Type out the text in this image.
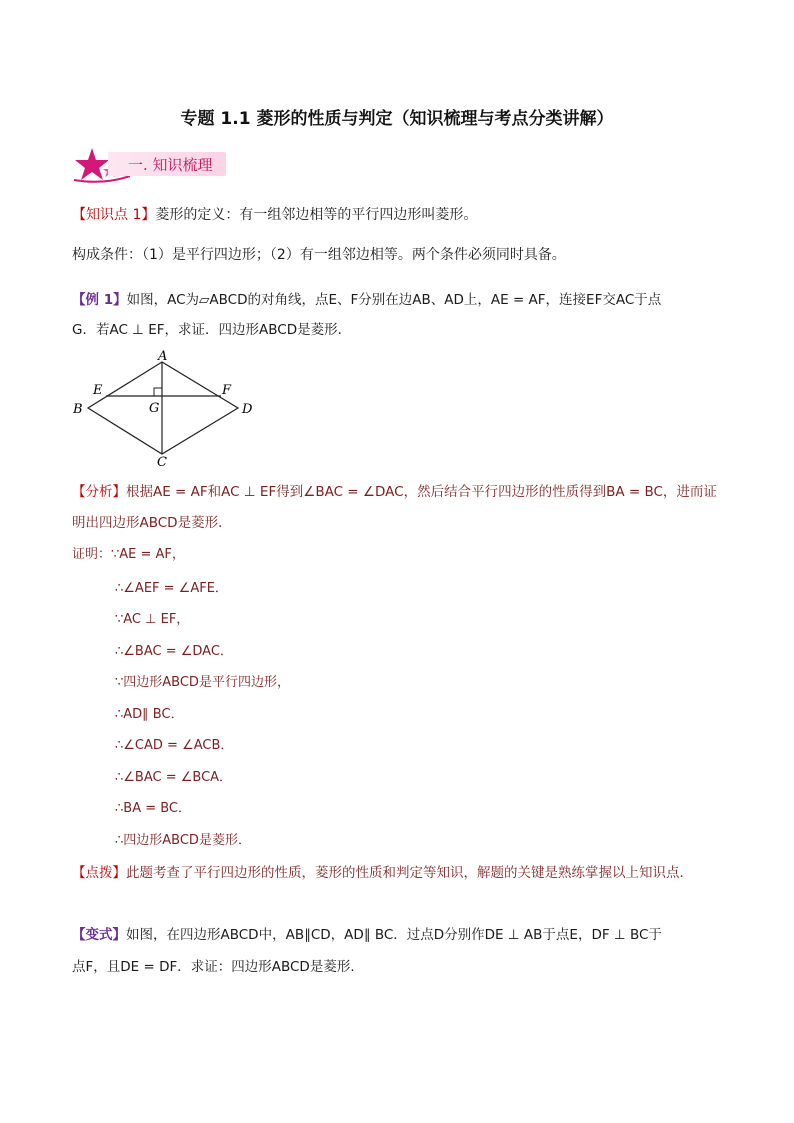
专题 1.1 菱形的性质与判定（知识梳理与考点分类讲解）
一. 知识梳理
【知识点 1】菱形的定义：有一组邻边相等的平行四边形叫菱形。
构成条件：（1）是平行四边形；（2）有一组邻边相等。两个条件必须同时具备。
【例 1】如图，AC为▱ABCD的对角线，点E、F分别在边AB、AD上，AE = AF，连接EF交AC于点
G．若AC ⊥ EF，求证．四边形ABCD是菱形．
A
B
C
D
E	F
G
【分析】根据AE = AF和AC ⊥ EF得到∠BAC = ∠DAC，然后结合平行四边形的性质得到BA = BC，进而证
明出四边形ABCD是菱形．
证明：∵AE = AF，
∴∠AEF = ∠AFE．
∵AC ⊥ EF，
∴∠BAC = ∠DAC．
∵四边形ABCD是平行四边形，
∴AD∥ BC．
∴∠CAD = ∠ACB．
∴∠BAC = ∠BCA．
∴BA = BC．
∴四边形ABCD是菱形．
【点拨】此题考查了平行四边形的性质，菱形的性质和判定等知识，解题的关键是熟练掌握以上知识点．
【变式】如图，在四边形ABCD中，AB∥CD，AD∥ BC．过点D分别作DE ⊥ AB于点E，DF ⊥ BC于
点F，且DE = DF．求证：四边形ABCD是菱形．
